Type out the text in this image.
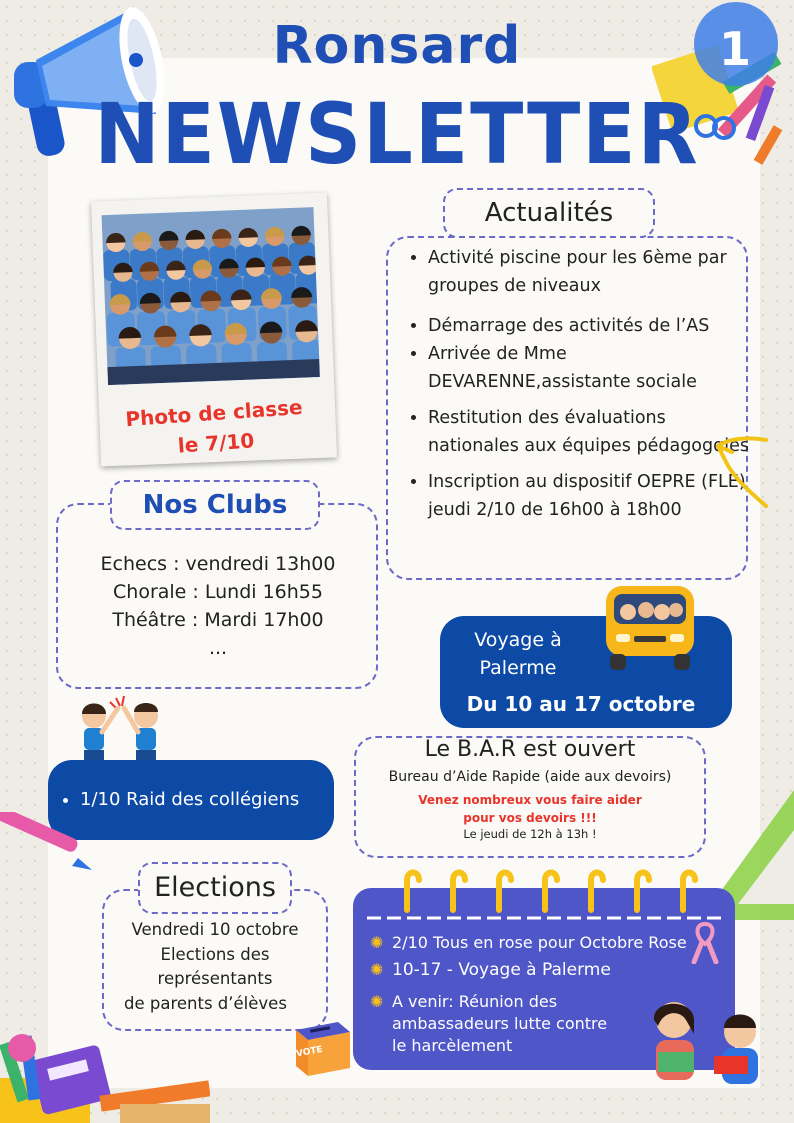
1
Ronsard
NEWSLETTER
Photo de classe
le 7/10
Actualités
• Activité piscine pour les 6ème par groupes de niveaux
• Démarrage des activités de l’AS
• Arrivée de Mme DEVARENNE,assistante sociale
• Restitution des évaluations nationales aux équipes pédagogqies
• Inscription au dispositif OEPRE (FLE) jeudi 2/10 de 16h00 à 18h00
Nos Clubs
Echecs : vendredi 13h00
Chorale : Lundi 16h55
Théâtre : Mardi 17h00
...	Voyage à
Palerme
Du 10 au 17 octobre
• 1/10 Raid des collégiens
Le B.A.R est ouvert
Bureau d’Aide Rapide (aide aux devoirs)
Venez nombreux vous faire aider
pour vos devoirs !!!
Le jeudi de 12h à 13h !
Elections
Vendredi 10 octobre
Elections des
représentants
de parents d’élèves
VOTE
✺ 2/10 Tous en rose pour Octobre Rose
✺ 10-17 - Voyage à Palerme
✺ A venir: Réunion des ambassadeurs lutte contre le harcèlement
